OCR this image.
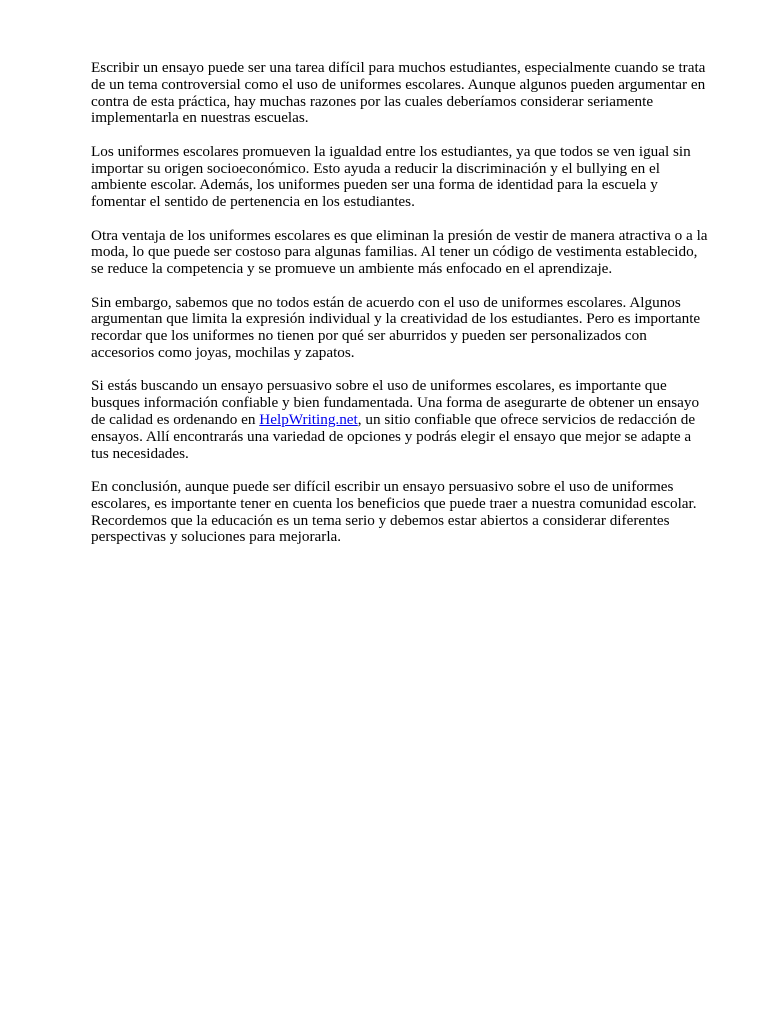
Escribir un ensayo puede ser una tarea difícil para muchos estudiantes, especialmente cuando se trata
de un tema controversial como el uso de uniformes escolares. Aunque algunos pueden argumentar en
contra de esta práctica, hay muchas razones por las cuales deberíamos considerar seriamente
implementarla en nuestras escuelas.

Los uniformes escolares promueven la igualdad entre los estudiantes, ya que todos se ven igual sin
importar su origen socioeconómico. Esto ayuda a reducir la discriminación y el bullying en el
ambiente escolar. Además, los uniformes pueden ser una forma de identidad para la escuela y
fomentar el sentido de pertenencia en los estudiantes.

Otra ventaja de los uniformes escolares es que eliminan la presión de vestir de manera atractiva o a la
moda, lo que puede ser costoso para algunas familias. Al tener un código de vestimenta establecido,
se reduce la competencia y se promueve un ambiente más enfocado en el aprendizaje.

Sin embargo, sabemos que no todos están de acuerdo con el uso de uniformes escolares. Algunos
argumentan que limita la expresión individual y la creatividad de los estudiantes. Pero es importante
recordar que los uniformes no tienen por qué ser aburridos y pueden ser personalizados con
accesorios como joyas, mochilas y zapatos.

Si estás buscando un ensayo persuasivo sobre el uso de uniformes escolares, es importante que
busques información confiable y bien fundamentada. Una forma de asegurarte de obtener un ensayo
de calidad es ordenando en HelpWriting.net, un sitio confiable que ofrece servicios de redacción de
ensayos. Allí encontrarás una variedad de opciones y podrás elegir el ensayo que mejor se adapte a
tus necesidades.

En conclusión, aunque puede ser difícil escribir un ensayo persuasivo sobre el uso de uniformes
escolares, es importante tener en cuenta los beneficios que puede traer a nuestra comunidad escolar.
Recordemos que la educación es un tema serio y debemos estar abiertos a considerar diferentes
perspectivas y soluciones para mejorarla.
